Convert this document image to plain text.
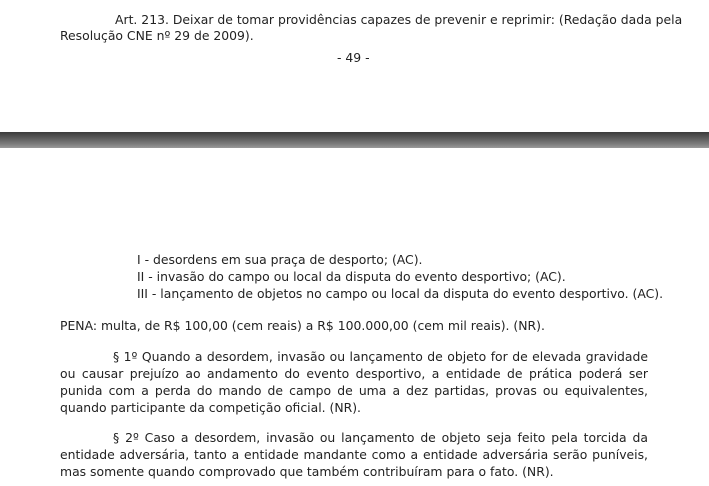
Art. 213. Deixar de tomar providências capazes de prevenir e reprimir: (Redação dada pela
Resolução CNE nº 29 de 2009).
- 49 -
I - desordens em sua praça de desporto; (AC).
II - invasão do campo ou local da disputa do evento desportivo; (AC).
III - lançamento de objetos no campo ou local da disputa do evento desportivo. (AC).
PENA: multa, de R$ 100,00 (cem reais) a R$ 100.000,00 (cem mil reais). (NR).
§ 1º Quando a desordem, invasão ou lançamento de objeto for de elevada gravidade ou causar prejuízo ao andamento do evento desportivo, a entidade de prática poderá ser punida com a perda do mando de campo de uma a dez partidas, provas ou equivalentes, quando participante da competição oficial. (NR).
§ 2º Caso a desordem, invasão ou lançamento de objeto seja feito pela torcida da entidade adversária, tanto a entidade mandante como a entidade adversária serão puníveis, mas somente quando comprovado que também contribuíram para o fato. (NR).
